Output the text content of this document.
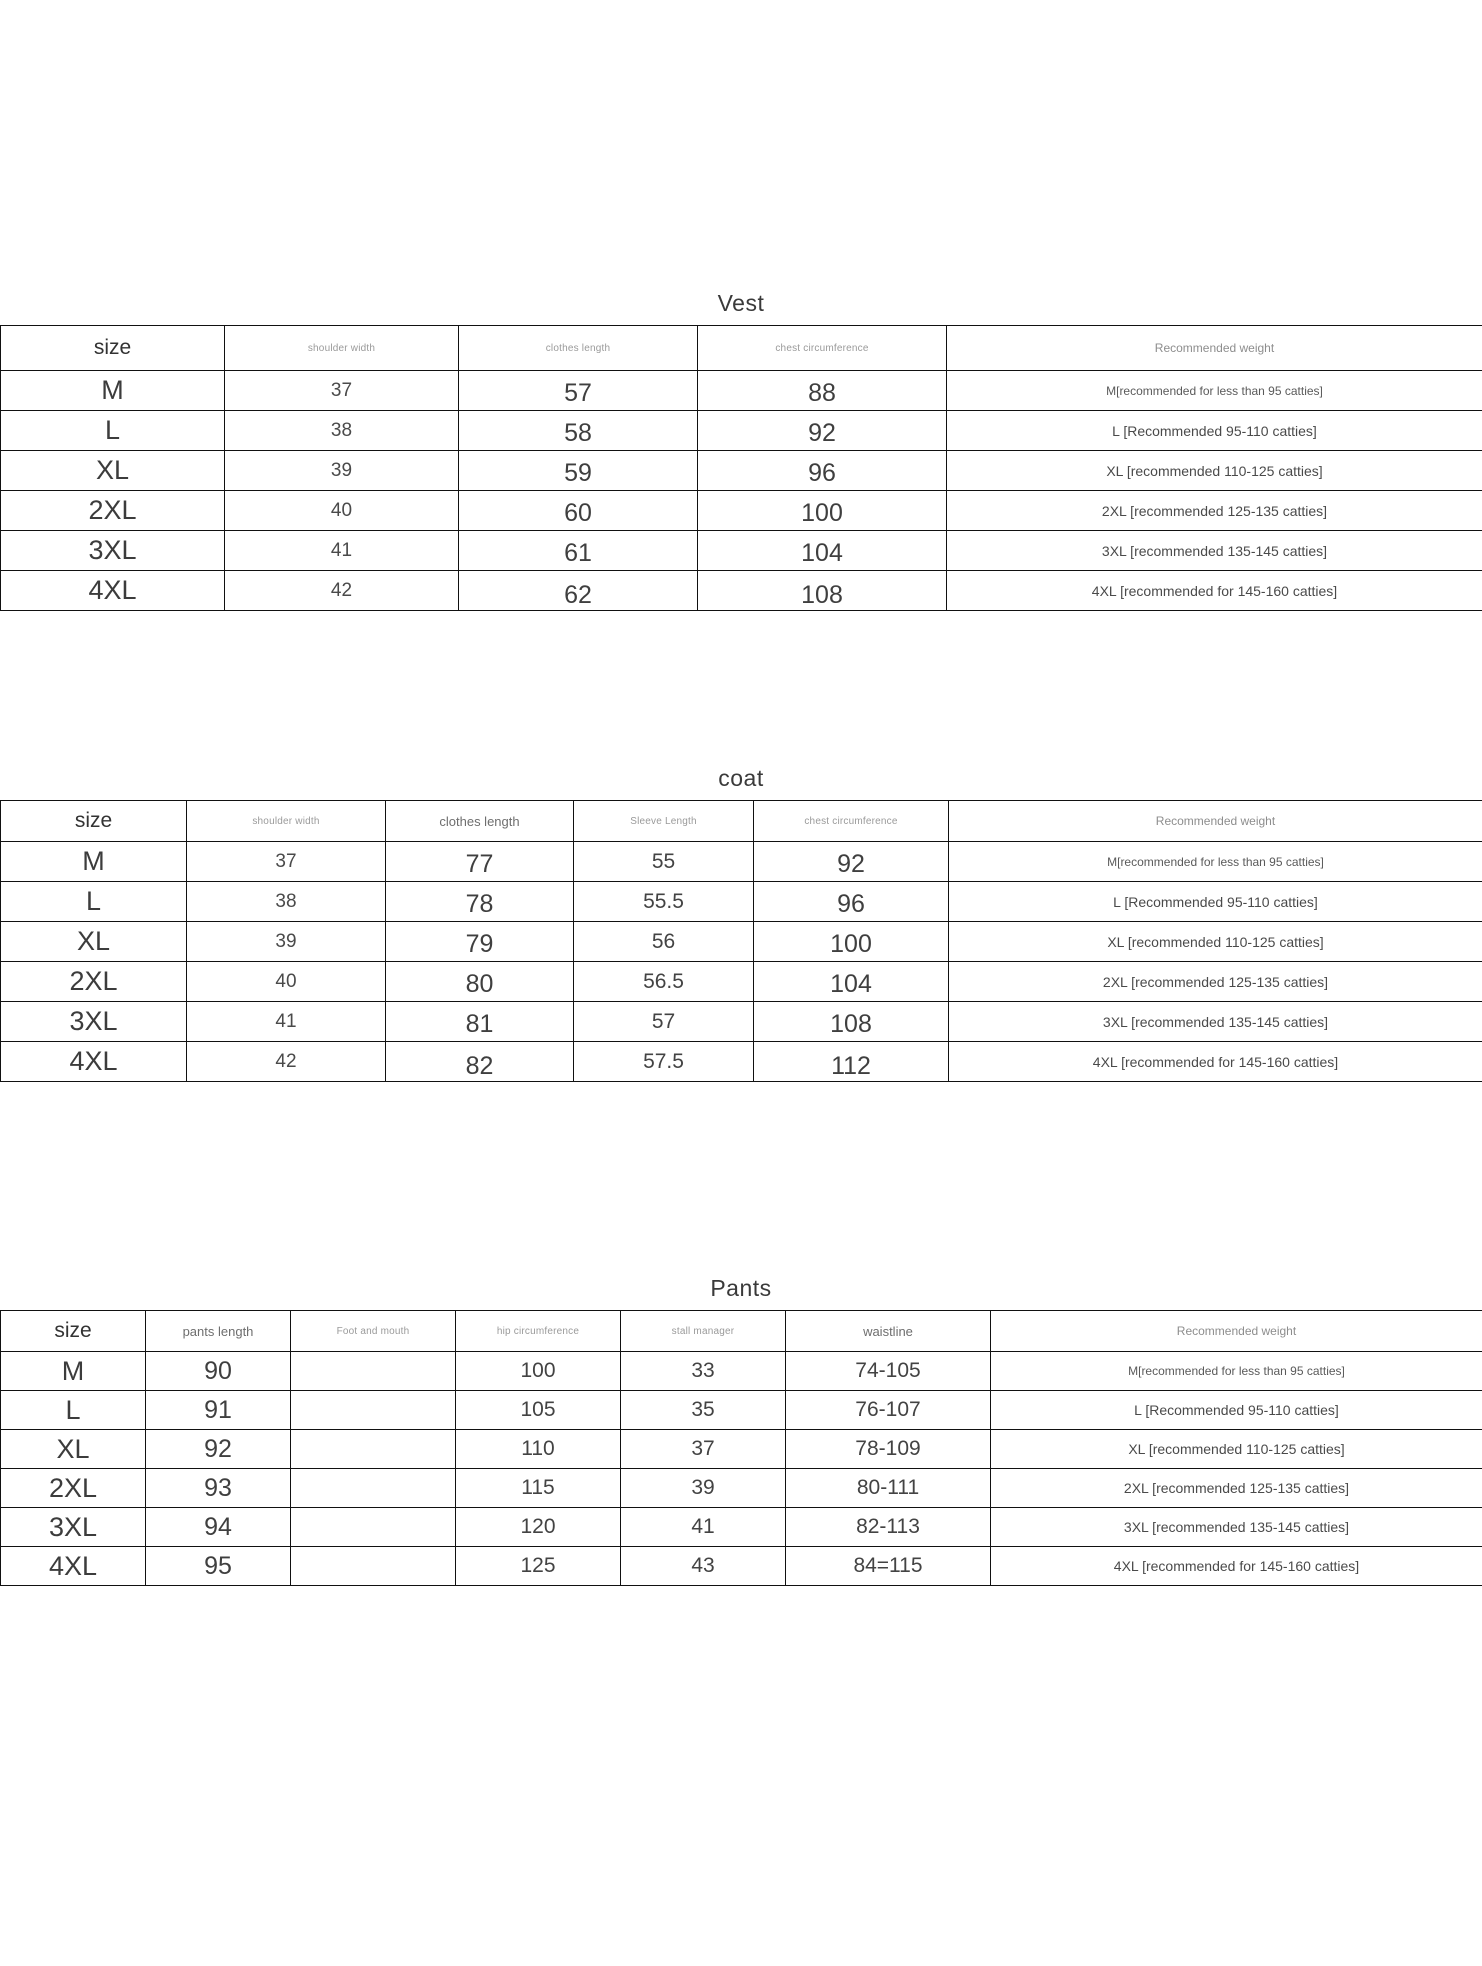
Vest
size	shoulder width	clothes length	chest circumference	Recommended weight
M	37	57	88	M[recommended for less than 95 catties]
L	38	58	92	L [Recommended 95-110 catties]
XL	39	59	96	XL [recommended 110-125 catties]
2XL	40	60	100	2XL [recommended 125-135 catties]
3XL	41	61	104	3XL [recommended 135-145 catties]
4XL	42	62	108	4XL [recommended for 145-160 catties]
coat
size	shoulder width	clothes length	Sleeve Length	chest circumference	Recommended weight
M	37	77	55	92	M[recommended for less than 95 catties]
L	38	78	55.5	96	L [Recommended 95-110 catties]
XL	39	79	56	100	XL [recommended 110-125 catties]
2XL	40	80	56.5	104	2XL [recommended 125-135 catties]
3XL	41	81	57	108	3XL [recommended 135-145 catties]
4XL	42	82	57.5	112	4XL [recommended for 145-160 catties]
Pants
size	pants length	Foot and mouth	hip circumference	stall manager	waistline	Recommended weight
M	90		100	33	74-105	M[recommended for less than 95 catties]
L	91		105	35	76-107	L [Recommended 95-110 catties]
XL	92		110	37	78-109	XL [recommended 110-125 catties]
2XL	93		115	39	80-111	2XL [recommended 125-135 catties]
3XL	94		120	41	82-113	3XL [recommended 135-145 catties]
4XL	95		125	43	84=115	4XL [recommended for 145-160 catties]
